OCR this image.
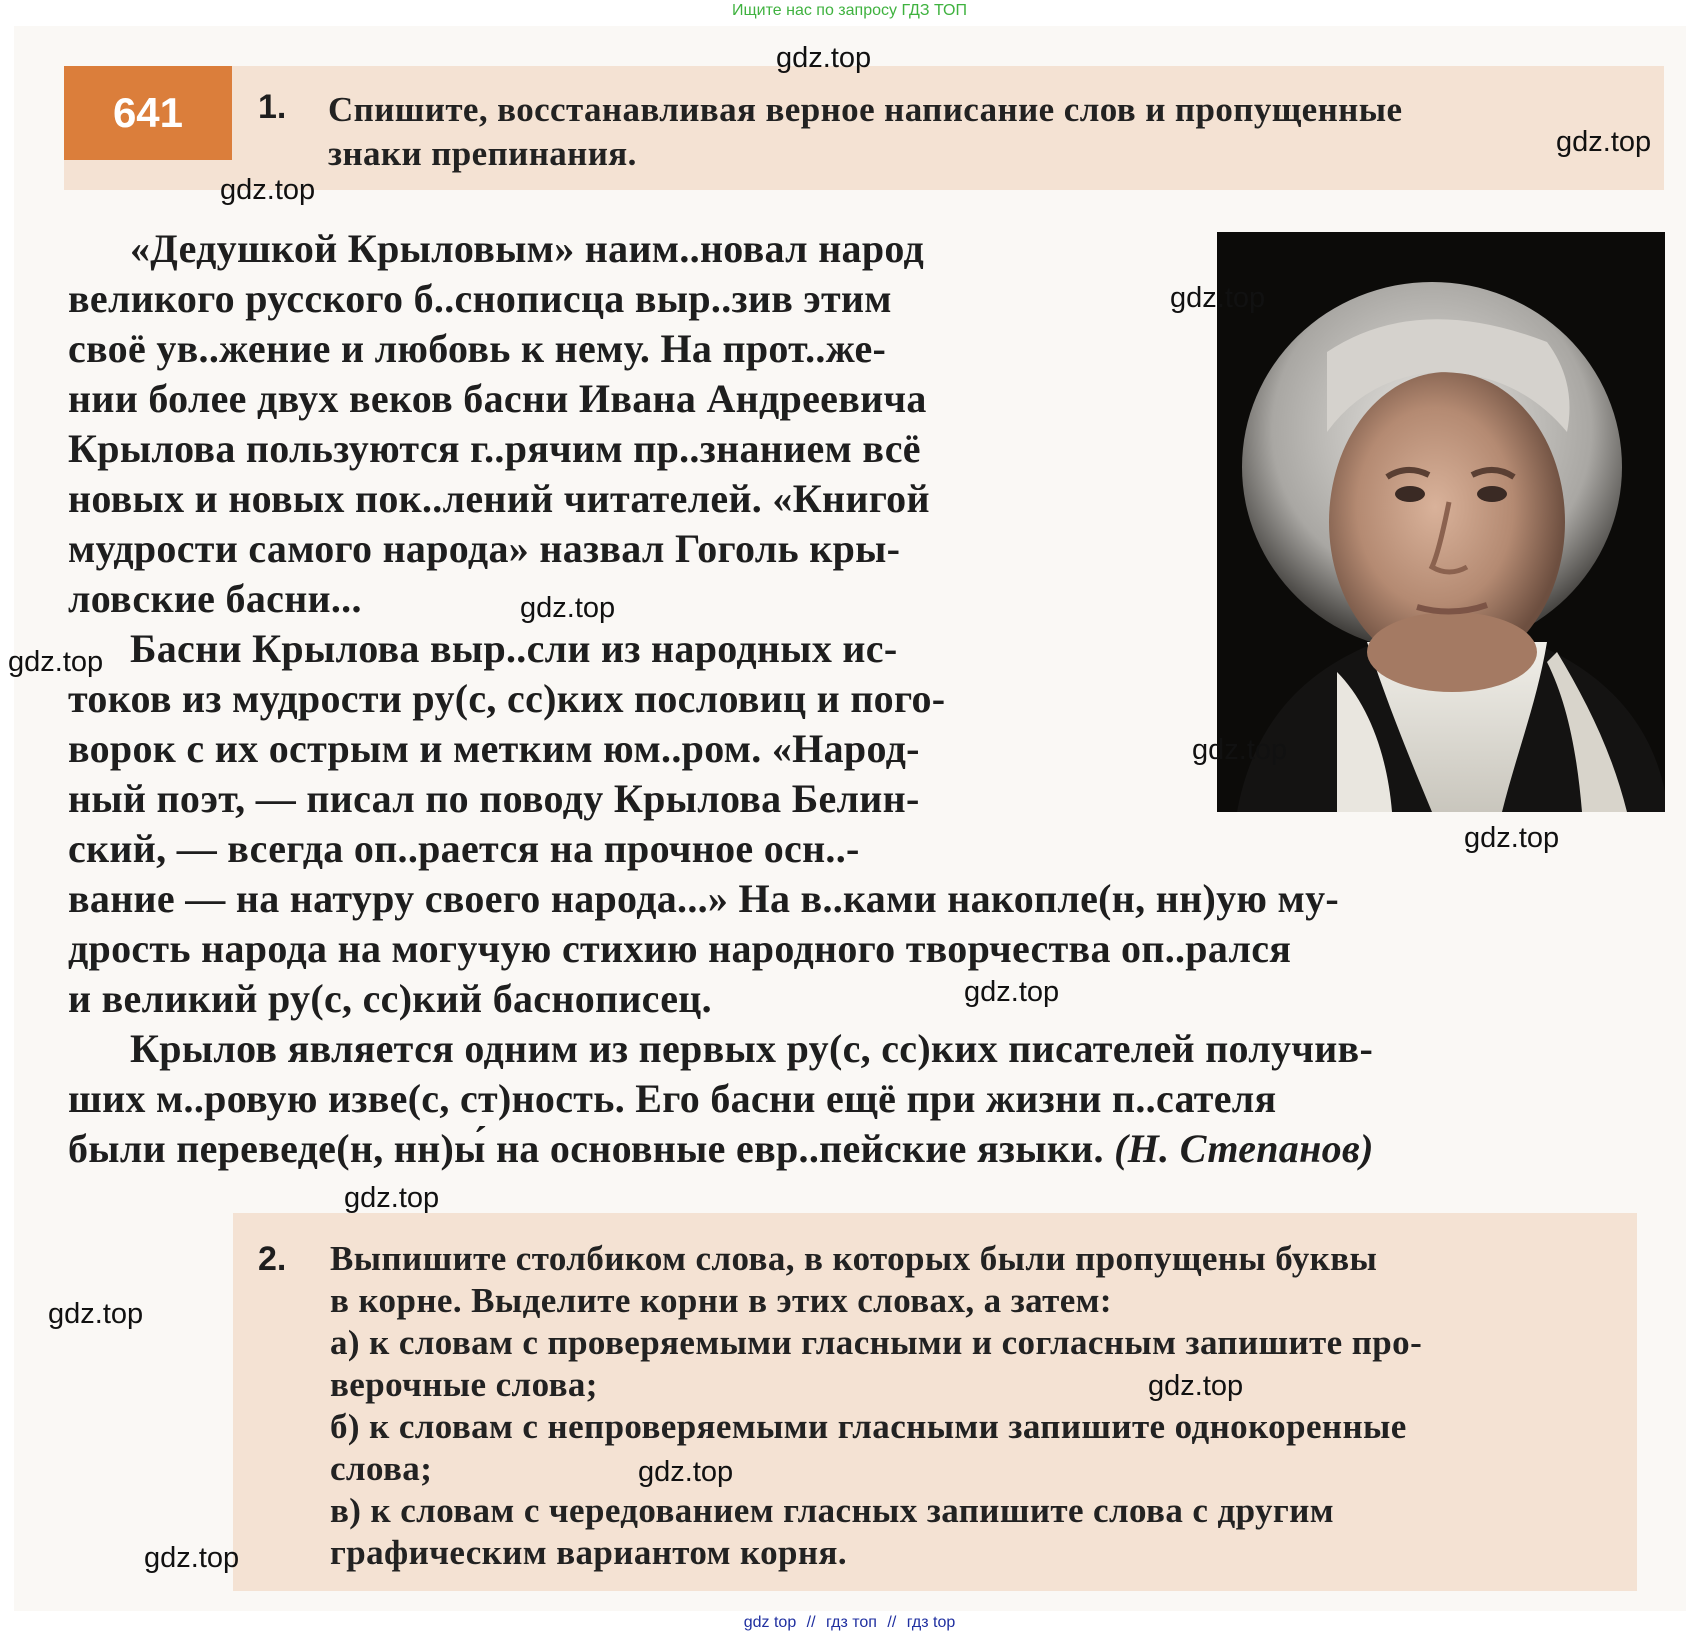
Ищите нас по запросу ГДЗ ТОП
641	1. Спишите, восстанавливая верное написание слов и пропущенные
знаки препинания.
«Дедушкой Крыловым» наим..новал народ
великого русского б..снописца выр..зив этим
своё ув..жение и любовь к нему. На прот..же-
нии более двух веков басни Ивана Андреевича
Крылова пользуются г..рячим пр..знанием всё
новых и новых пок..лений читателей. «Книгой
мудрости самого народа» назвал Гоголь кры-
ловские басни...
Басни Крылова выр..сли из народных ис-
токов из мудрости ру(с, сс)ких пословиц и пого-
ворок с их острым и метким юм..ром. «Народ-
ный поэт, — писал по поводу Крылова Белин-
ский, — всегда оп..рается на прочное осн..-
вание — на натуру своего народа...» На в..ками накопле(н, нн)ую му-
дрость народа на могучую стихию народного творчества оп..рался
и великий ру(с, сс)кий баснописец.
Крылов является одним из первых ру(с, сс)ких писателей получив-
ших м..ровую изве(с, ст)ность. Его басни ещё при жизни п..сателя
были переведе(н, нн)ы́ на основные евр..пейские языки. (Н. Степанов)
2. Выпишите столбиком слова, в которых были пропущены буквы
в корне. Выделите корни в этих словах, а затем:
а) к словам с проверяемыми гласными и согласным запишите про-
верочные слова;
б) к словам с непроверяемыми гласными запишите однокоренные
слова;
в) к словам с чередованием гласных запишите слова с другим
графическим вариантом корня.
gdz.top
gdz.top
gdz.top
gdz.top
gdz.top
gdz.top
gdz.top
gdz.top
gdz.top
gdz.top
gdz.top
gdz.top
gdz.top
gdz.top
gdz top // гдз топ // гдз top
